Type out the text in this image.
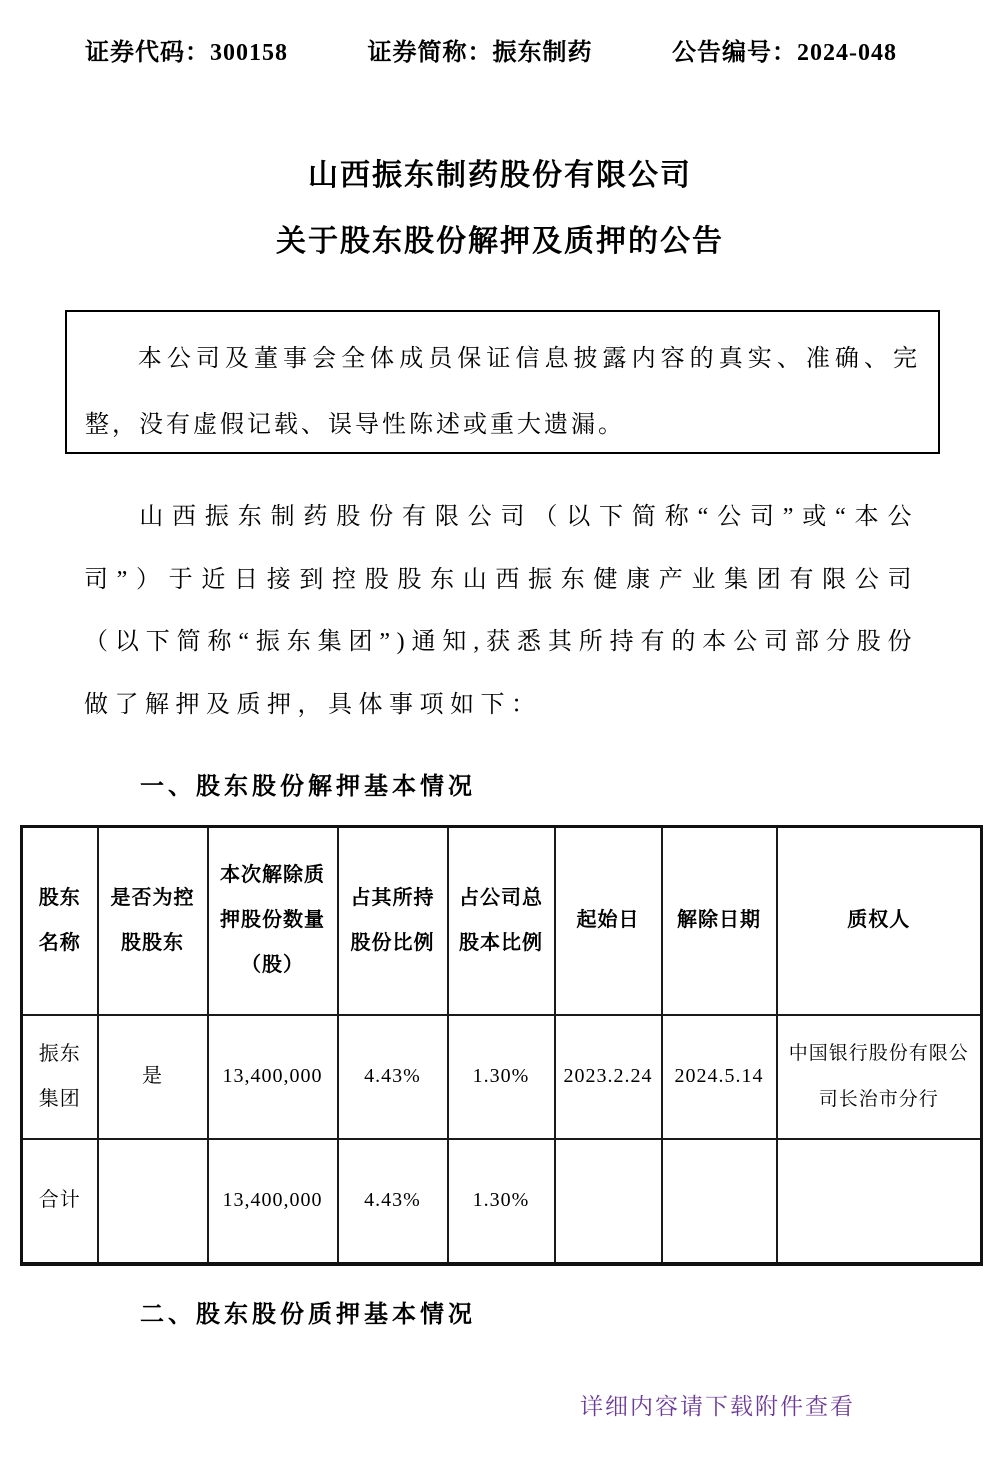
证券代码：300158	证券简称：振东制药	公告编号：2024-048
山西振东制药股份有限公司
关于股东股份解押及质押的公告
本公司及董事会全体成员保证信息披露内容的真实、准确、完整，没有虚假记载、误导性陈述或重大遗漏。
山西振东制药股份有限公司（以下简称“公司”或“本公司”）于近日接到控股股东山西振东健康产业集团有限公司（以下简称“振东集团”)通知,获悉其所持有的本公司部分股份做了解押及质押，具体事项如下：
一、股东股份解押基本情况
股东名称	是否为控股股东	本次解除质押股份数量（股）	占其所持股份比例	占公司总股本比例	起始日	解除日期	质权人
振东集团	是	13,400,000	4.43%	1.30%	2023.2.24	2024.5.14	中国银行股份有限公司长治市分行
合计		13,400,000	4.43%	1.30%			
二、股东股份质押基本情况
详细内容请下载附件查看
